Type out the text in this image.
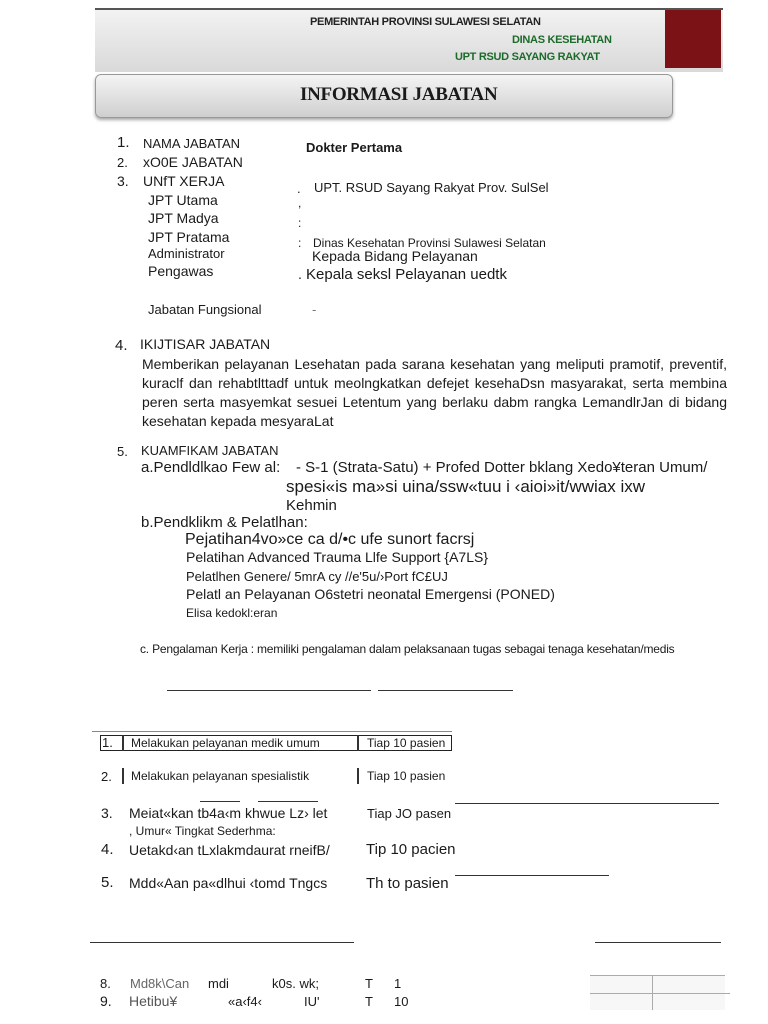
PEMERINTAH PROVINSI SULAWESI SELATAN
DINAS KESEHATAN
UPT RSUD SAYANG RAKYAT
INFORMASI JABATAN
1. NAMA JABATAN	Dokter Pertama
2. xO0E JABATAN
3. UNfT XERJA	. UPT. RSUD Sayang Rakyat Prov. SulSel
JPT Utama	,
JPT Madya	:
JPT Pratama	: Dinas Kesehatan Provinsi Sulawesi Selatan
Administrator	Kepada Bidang Pelayanan
Pengawas	. Kepala seksl Pelayanan uedtk
Jabatan Fungsional	-
4. IKIJTISAR JABATAN
Memberikan pelayanan Lesehatan pada sarana kesehatan yang meliputi pramotif, preventif, kuraclf dan rehabtlttadf untuk meolngkatkan defejet kesehaDsn masyarakat, serta membina peren serta masyemkat sesuei Letentum yang berlaku dabm rangka LemandlrJan di bidang kesehatan kepada mesyaraLat
5. KUAMFIKAM JABATAN
a.Pendldlkao Few al: - S-1 (Strata-Satu) + Profed Dotter bklang Xedo¥teran Umum/
spesi«is ma»si uina/ssw«tuu i ‹aioi»it/wwiax ixw
Kehmin
b.Pendklikm & Pelatlhan:
Pejatihan4vo»ce ca d/•c ufe sunort facrsj
Pelatihan Advanced Trauma Llfe Support {A7LS}
Pelatlhen Genere/ 5mrA cy //e'5u/›Port fC£UJ
Pelatl an Pelayanan O6stetri neonatal Emergensi (PONED)
Elisa kedokl:eran
c. Pengalaman Kerja : memiliki pengalaman dalam pelaksanaan tugas sebagai tenaga kesehatan/medis
1. Melakukan pelayanan medik umum	Tiap 10 pasien
2. Melakukan pelayanan spesialistik	Tiap 10 pasien
3. Meiat«kan tb4a‹m khwue Lz› let	Tiap JO pasen
, Umur« Tingkat Sederhma:
4. Uetakd‹an tLxlakmdaurat rneifB/ Tip 10 pacien
5. Mdd«Aan pa«dlhui ‹tomd Tngcs	Th to pasien
8. Md8k\Can mdi	k0s. wk;	T 1
9. Hetibu¥	«a‹f4‹	IU'	T 10
